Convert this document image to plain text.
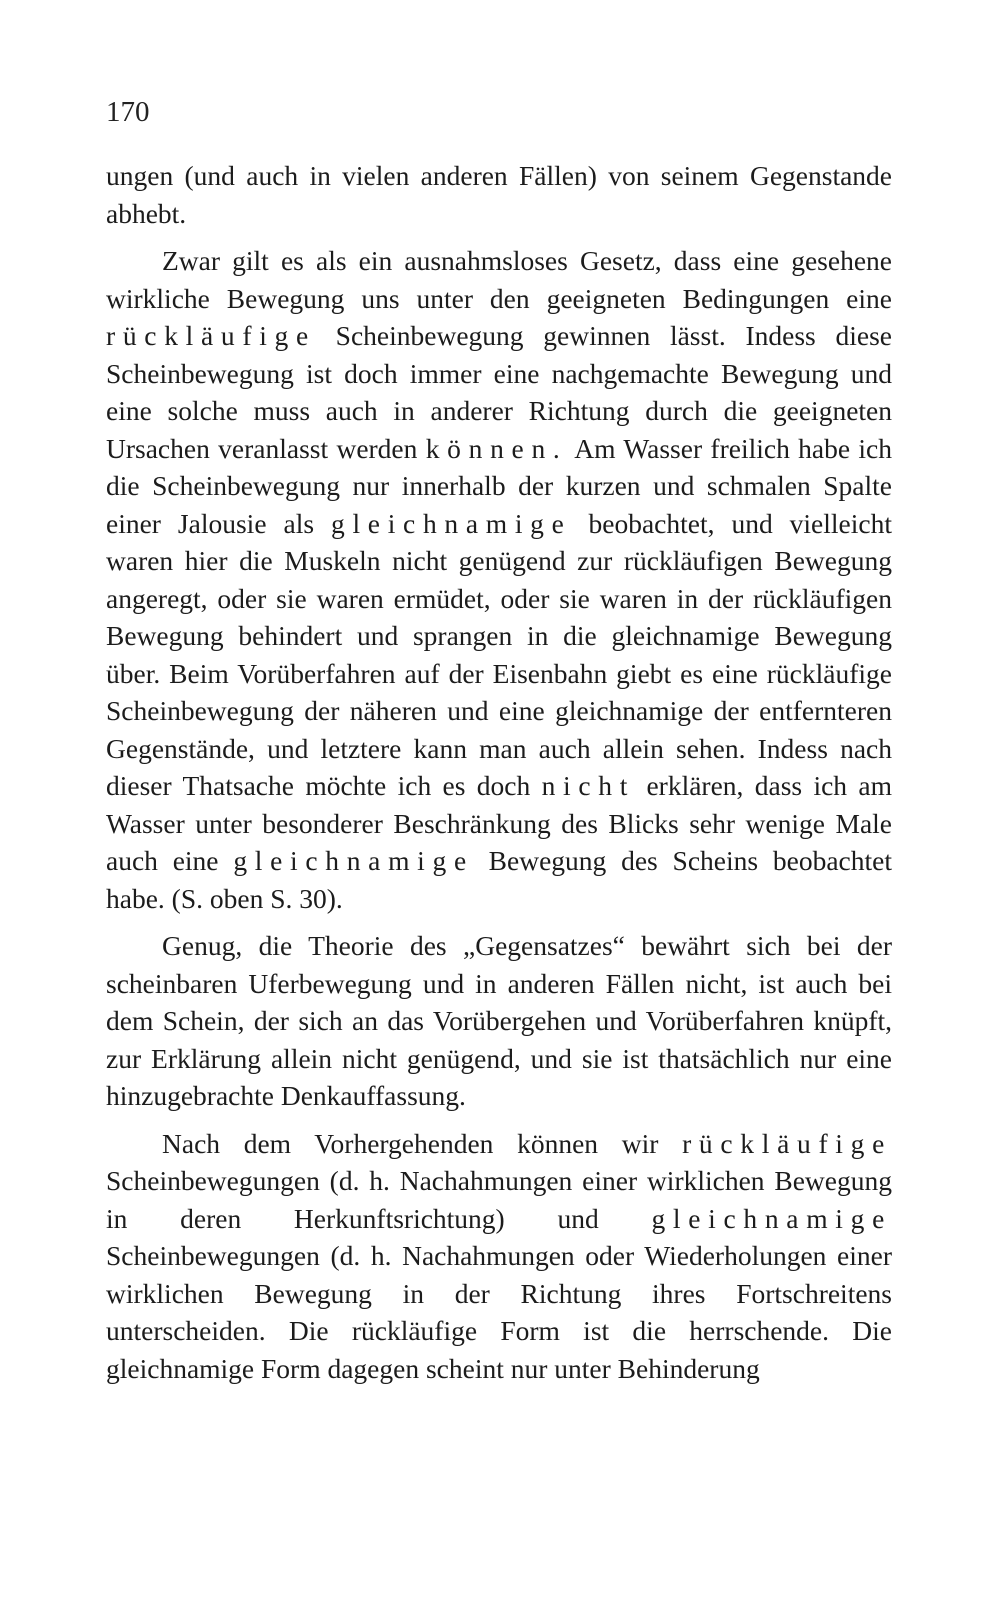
170

ungen (und auch in vielen anderen Fällen) von seinem Gegenstande abhebt.

Zwar gilt es als ein ausnahmsloses Gesetz, dass eine gesehene wirkliche Bewegung uns unter den geeigneten Bedingungen eine rückläufige Scheinbewegung gewinnen lässt. Indess diese Scheinbewegung ist doch immer eine nachgemachte Bewegung und eine solche muss auch in anderer Richtung durch die geeigneten Ursachen veranlasst werden können. Am Wasser freilich habe ich die Scheinbewegung nur innerhalb der kurzen und schmalen Spalte einer Jalousie als gleichnamige beobachtet, und vielleicht waren hier die Muskeln nicht genügend zur rückläufigen Bewegung angeregt, oder sie waren ermüdet, oder sie waren in der rückläufigen Bewegung behindert und sprangen in die gleichnamige Bewegung über. Beim Vorüberfahren auf der Eisenbahn giebt es eine rückläufige Scheinbewegung der näheren und eine gleichnamige der entfernteren Gegenstände, und letztere kann man auch allein sehen. Indess nach dieser Thatsache möchte ich es doch nicht erklären, dass ich am Wasser unter besonderer Beschränkung des Blicks sehr wenige Male auch eine gleichnamige Bewegung des Scheins beobachtet habe. (S. oben S. 30).

Genug, die Theorie des „Gegensatzes“ bewährt sich bei der scheinbaren Uferbewegung und in anderen Fällen nicht, ist auch bei dem Schein, der sich an das Vorübergehen und Vorüberfahren knüpft, zur Erklärung allein nicht genügend, und sie ist thatsächlich nur eine hinzugebrachte Denkauffassung.

Nach dem Vorhergehenden können wir rückläufige Scheinbewegungen (d. h. Nachahmungen einer wirklichen Bewegung in deren Herkunftsrichtung) und gleichnamige Scheinbewegungen (d. h. Nachahmungen oder Wiederholungen einer wirklichen Bewegung in der Richtung ihres Fortschreitens unterscheiden. Die rückläufige Form ist die herrschende. Die gleichnamige Form dagegen scheint nur unter Behinderung
